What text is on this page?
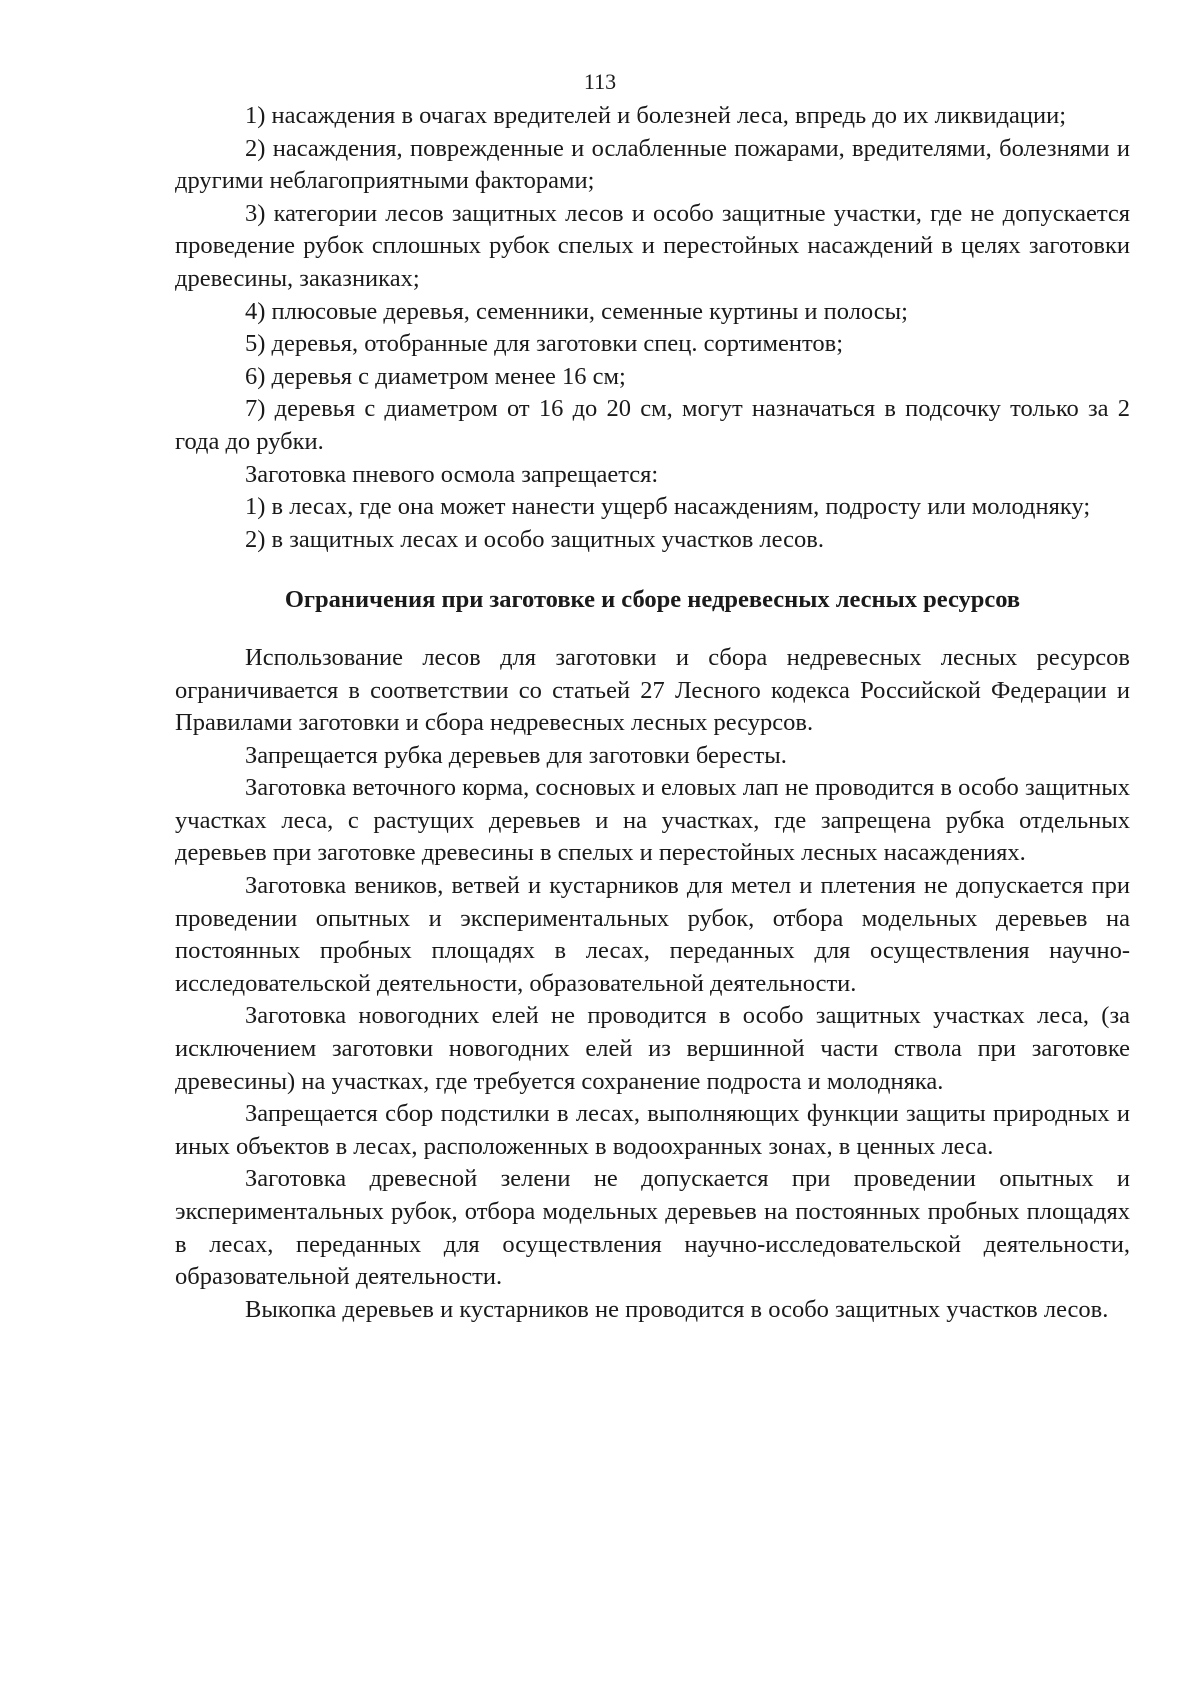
113

1) насаждения в очагах вредителей и болезней леса, впредь до их ликвидации;

2) насаждения, поврежденные и ослабленные пожарами, вредителями, болезнями и другими неблагоприятными факторами;

3) категории лесов защитных лесов и особо защитные участки, где не допускается проведение рубок сплошных рубок спелых и перестойных насаждений в целях заготовки древесины, заказниках;

4) плюсовые деревья, семенники, семенные куртины и полосы;

5) деревья, отобранные для заготовки спец. сортиментов;

6) деревья с диаметром менее 16 см;

7) деревья с диаметром от 16 до 20 см, могут назначаться в подсочку только за 2 года до рубки.

Заготовка пневого осмола запрещается:

1) в лесах, где она может нанести ущерб насаждениям, подросту или молодняку;

2) в защитных лесах и особо защитных участков лесов.

Ограничения при заготовке и сборе недревесных лесных ресурсов

Использование лесов для заготовки и сбора недревесных лесных ресурсов ограничивается в соответствии со статьей 27 Лесного кодекса Российской Федерации и Правилами заготовки и сбора недревесных лесных ресурсов.

Запрещается рубка деревьев для заготовки бересты.

Заготовка веточного корма, сосновых и еловых лап не проводится в особо защитных участках леса, с растущих деревьев и на участках, где запрещена рубка отдельных деревьев при заготовке древесины в спелых и перестойных лесных насаждениях.

Заготовка веников, ветвей и кустарников для метел и плетения не допускается при проведении опытных и экспериментальных рубок, отбора модельных деревьев на постоянных пробных площадях в лесах, переданных для осуществления научно-исследовательской деятельности, образовательной деятельности.

Заготовка новогодних елей не проводится в особо защитных участках леса, (за исключением заготовки новогодних елей из вершинной части ствола при заготовке древесины) на участках, где требуется сохранение подроста и молодняка.

Запрещается сбор подстилки в лесах, выполняющих функции защиты природных и иных объектов в лесах, расположенных в водоохранных зонах, в ценных леса.

Заготовка древесной зелени не допускается при проведении опытных и экспериментальных рубок, отбора модельных деревьев на постоянных пробных площадях в лесах, переданных для осуществления научно-исследовательской деятельности, образовательной деятельности.

Выкопка деревьев и кустарников не проводится в особо защитных участков лесов.
